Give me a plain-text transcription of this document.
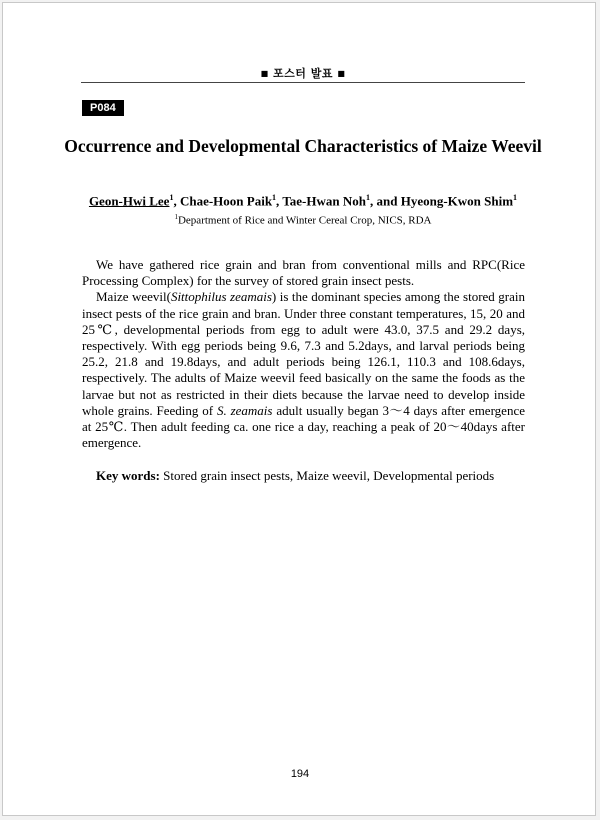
■ 포스터 발표 ■
P084
Occurrence and Developmental Characteristics of Maize Weevil
Geon-Hwi Lee$^1$, Chae-Hoon Paik$^1$, Tae-Hwan Noh$^1$, and Hyeong-Kwon Shim$^1$
$^1$Department of Rice and Winter Cereal Crop, NICS, RDA

We have gathered rice grain and bran from conventional mills and RPC(Rice Processing Complex) for the survey of stored grain insect pests.

Maize weevil(Sittophilus zeamais) is the dominant species among the stored grain insect pests of the rice grain and bran. Under three constant temperatures, 15, 20 and 25℃, developmental periods from egg to adult were 43.0, 37.5 and 29.2 days, respectively. With egg periods being 9.6, 7.3 and 5.2days, and larval periods being 25.2, 21.8 and 19.8days, and adult periods being 126.1, 110.3 and 108.6days, respectively. The adults of Maize weevil feed basically on the same the foods as the larvae but not as restricted in their diets because the larvae need to develop inside whole grains. Feeding of S. zeamais adult usually began 3～4 days after emergence at 25℃. Then adult feeding ca. one rice a day, reaching a peak of 20～40days after emergence.

Key words: Stored grain insect pests, Maize weevil, Developmental periods
194
